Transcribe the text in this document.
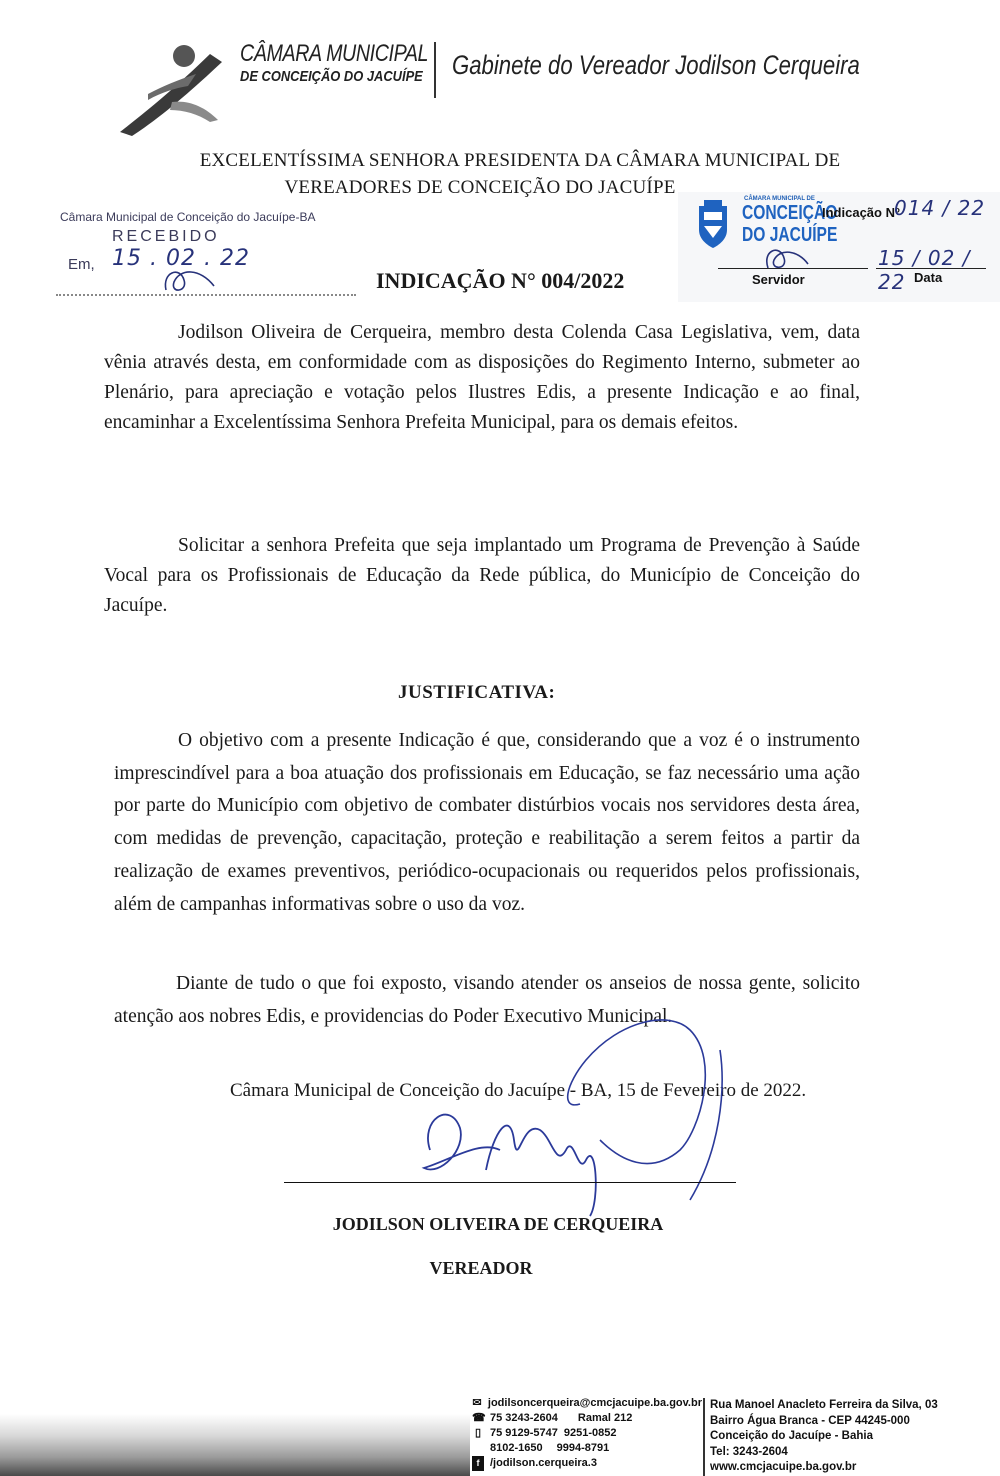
CÂMARA MUNICIPAL
DE CONCEIÇÃO DO JACUÍPE Gabinete do Vereador Jodilson Cerqueira
EXCELENTÍSSIMA SENHORA PRESIDENTA DA CÂMARA MUNICIPAL DE
VEREADORES DE CONCEIÇÃO DO JACUÍPE
Câmara Municipal de Conceição do Jacuípe-BA
RECEBIDO
Em, 15 . 02 . 22
CÂMARA MUNICIPAL DE
CONCEIÇÃO
DO JACUÍPE
Indicação Nº
014 / 22
15 / 02 / 22
Servidor	Data
INDICAÇÃO N° 004/2022
Jodilson Oliveira de Cerqueira, membro desta Colenda Casa Legislativa, vem, data vênia através desta, em conformidade com as disposições do Regimento Interno, submeter ao Plenário, para apreciação e votação pelos Ilustres Edis, a presente Indicação e ao final, encaminhar a Excelentíssima Senhora Prefeita Municipal, para os demais efeitos.
Solicitar a senhora Prefeita que seja implantado um Programa de Prevenção à Saúde Vocal para os Profissionais de Educação da Rede pública, do Município de Conceição do Jacuípe.
JUSTIFICATIVA:
O objetivo com a presente Indicação é que, considerando que a voz é o instrumento imprescindível para a boa atuação dos profissionais em Educação, se faz necessário uma ação por parte do Município com objetivo de combater distúrbios vocais nos servidores desta área, com medidas de prevenção, capacitação, proteção e reabilitação a serem feitos a partir da realização de exames preventivos, periódico-ocupacionais ou requeridos pelos profissionais, além de campanhas informativas sobre o uso da voz.
Diante de tudo o que foi exposto, visando atender os anseios de nossa gente, solicito atenção aos nobres Edis, e providencias do Poder Executivo Municipal.
Câmara Municipal de Conceição do Jacuípe - BA, 15 de Fevereiro de 2022.
JODILSON OLIVEIRA DE CERQUEIRA
VEREADOR
✉ jodilsoncerqueira@cmcjacuipe.ba.gov.br
☎ 75 3243-2604 Ramal 212
▯ 75 9129-5747 9251-0852
8102-1650 9994-8791
f /jodilson.cerqueira.3
Rua Manoel Anacleto Ferreira da Silva, 03
Bairro Água Branca - CEP 44245-000
Conceição do Jacuípe - Bahia
Tel: 3243-2604
www.cmcjacuipe.ba.gov.br
